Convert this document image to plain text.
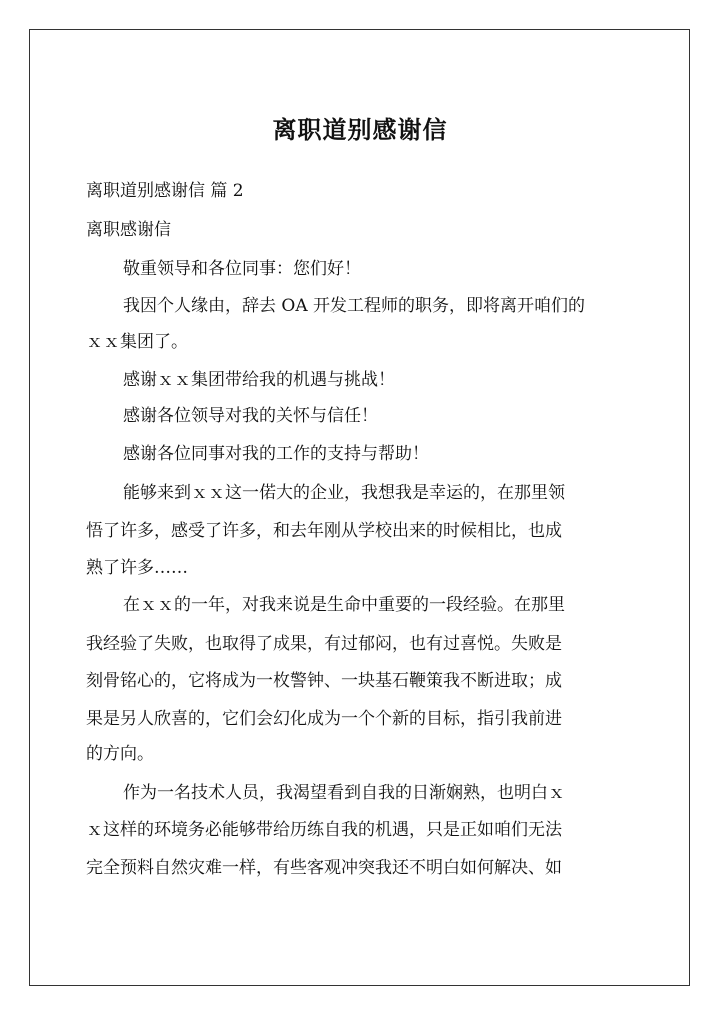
离职道别感谢信
离职道别感谢信 篇 2
离职感谢信
敬重领导和各位同事：您们好！
我因个人缘由，辞去 OA 开发工程师的职务，即将离开咱们的
ｘｘ集团了。
感谢ｘｘ集团带给我的机遇与挑战！
感谢各位领导对我的关怀与信任！
感谢各位同事对我的工作的支持与帮助！
能够来到ｘｘ这一偌大的企业，我想我是幸运的，在那里领
悟了许多，感受了许多，和去年刚从学校出来的时候相比，也成
熟了许多……
在ｘｘ的一年，对我来说是生命中重要的一段经验。在那里
我经验了失败，也取得了成果，有过郁闷，也有过喜悦。失败是
刻骨铭心的，它将成为一枚警钟、一块基石鞭策我不断进取；成
果是另人欣喜的，它们会幻化成为一个个新的目标，指引我前进
的方向。
作为一名技术人员，我渴望看到自我的日渐娴熟，也明白ｘ
ｘ这样的环境务必能够带给历练自我的机遇，只是正如咱们无法
完全预料自然灾难一样，有些客观冲突我还不明白如何解决、如
